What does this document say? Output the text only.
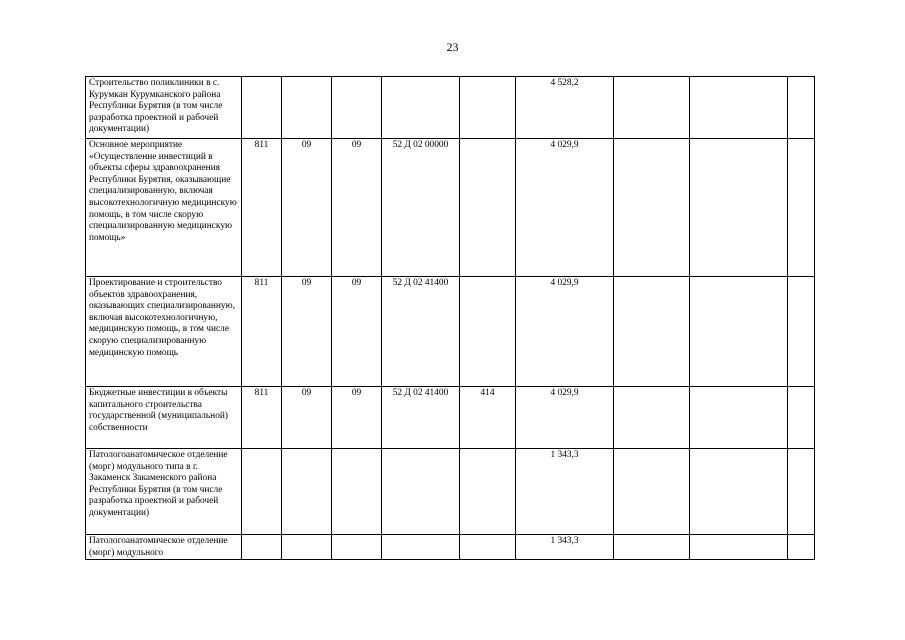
23
Строительство поликлиники в с. Курумкан Курумканского района Республики Бурятия (в том числе разработка проектной и рабочей документации)						4 528,2			
Основное мероприятие «Осуществление инвестиций в объекты сферы здравоохранения Республики Бурятия, оказывающие специализированную, включая высокотехнологичную медицинскую помощь, в том числе скорую специализированную медицинскую помощь»	811	09	09	52 Д 02 00000		4 029,9			
Проектирование и строительство объектов здравоохранения, оказывающих специализированную, включая высокотехнологичную, медицинскую помощь, в том числе скорую специализированную медицинскую помощь	811	09	09	52 Д 02 41400		4 029,9			
Бюджетные инвестиции в объекты капитального строительства государственной (муниципальной) собственности	811	09	09	52 Д 02 41400	414	4 029,9			
Патологоанатомическое отделение (морг) модульного типа в г. Закаменск Закаменского района Республики Бурятия (в том числе разработка проектной и рабочей документации)						1 343,3			
Патологоанатомическое отделение (морг) модульного						1 343,3			
